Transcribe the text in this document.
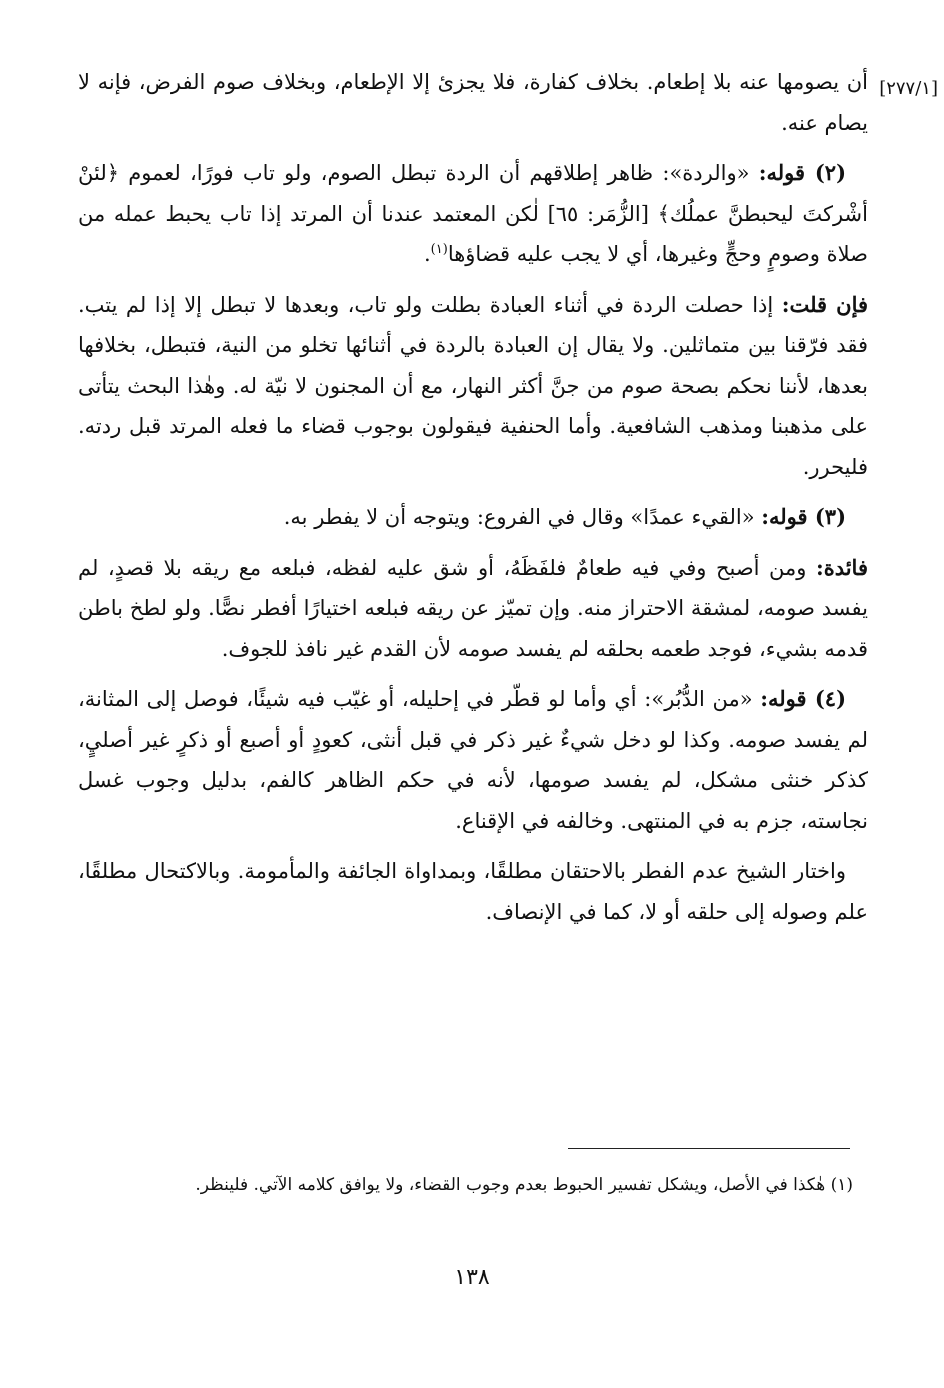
[٢٧٧/١]

أن يصومها عنه بلا إطعام. بخلاف كفارة، فلا يجزئ إلا الإطعام، وبخلاف صوم الفرض، فإنه لا يصام عنه.

(٢) قوله: «والردة»: ظاهر إطلاقهم أن الردة تبطل الصوم، ولو تاب فورًا، لعموم ﴿لئنْ أشْركتَ ليحبطنَّ عملُك﴾ [الزُّمَر: ٦٥] لٰكن المعتمد عندنا أن المرتد إذا تاب يحبط عمله من صلاة وصومٍ وحجٍّ وغيرها، أي لا يجب عليه قضاؤها$^{(١)}$.

فإن قلت: إذا حصلت الردة في أثناء العبادة بطلت ولو تاب، وبعدها لا تبطل إلا إذا لم يتب. فقد فرّقنا بين متماثلين. ولا يقال إن العبادة بالردة في أثنائها تخلو من النية، فتبطل، بخلافها بعدها، لأننا نحكم بصحة صوم من جنَّ أكثر النهار، مع أن المجنون لا نيّة له. وهٰذا البحث يتأتى على مذهبنا ومذهب الشافعية. وأما الحنفية فيقولون بوجوب قضاء ما فعله المرتد قبل ردته. فليحرر.

(٣) قوله: «القيء عمدًا» وقال في الفروع: ويتوجه أن لا يفطر به.

فائدة: ومن أصبح وفي فيه طعامٌ فلفَظَهُ، أو شق عليه لفظه، فبلعه مع ريقه بلا قصدٍ، لم يفسد صومه، لمشقة الاحتراز منه. وإن تميّز عن ريقه فبلعه اختيارًا أفطر نصًّا. ولو لطخ باطن قدمه بشيء، فوجد طعمه بحلقه لم يفسد صومه لأن القدم غير نافذ للجوف.

(٤) قوله: «من الدُّبُر»: أي وأما لو قطّر في إحليله، أو غيّب فيه شيئًا، فوصل إلى المثانة، لم يفسد صومه. وكذا لو دخل شيءٌ غير ذكر في قبل أنثى، كعودٍ أو أصبع أو ذكرٍ غير أصليٍ، كذكر خنثى مشكل، لم يفسد صومها، لأنه في حكم الظاهر كالفم، بدليل وجوب غسل نجاسته، جزم به في المنتهى. وخالفه في الإقناع.

واختار الشيخ عدم الفطر بالاحتقان مطلقًا، وبمداواة الجائفة والمأمومة. وبالاكتحال مطلقًا، علم وصوله إلى حلقه أو لا، كما في الإنصاف.

(١) هٰكذا في الأصل، ويشكل تفسير الحبوط بعدم وجوب القضاء، ولا يوافق كلامه الآتي. فلينظر.
١٣٨
